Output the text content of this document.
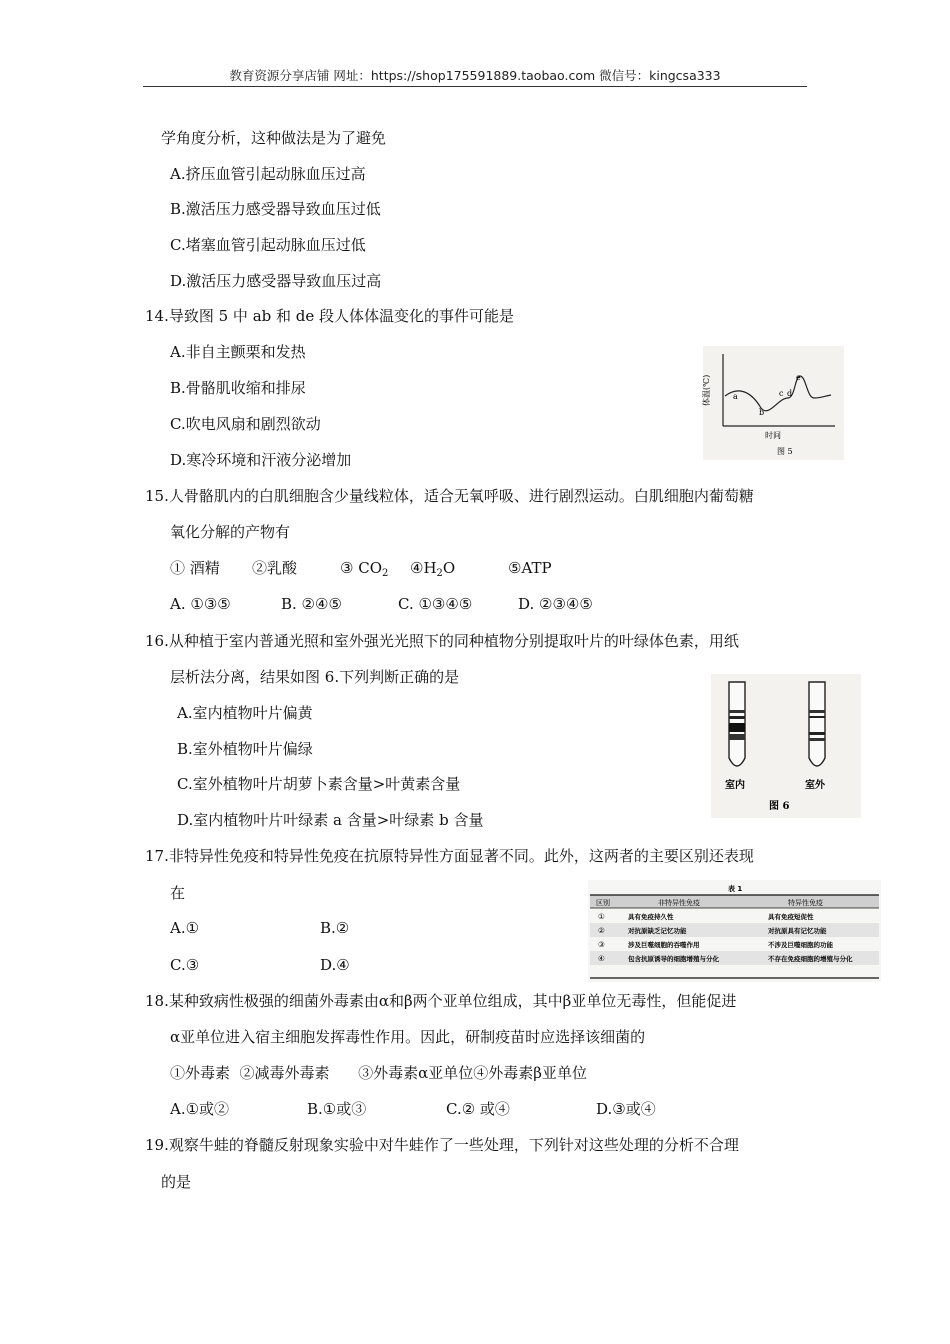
教育资源分享店铺 网址：https://shop175591889.taobao.com 微信号：kingcsa333
学角度分析，这种做法是为了避免
A.挤压血管引起动脉血压过高
B.激活压力感受器导致血压过低
C.堵塞血管引起动脉血压过低
D.激活压力感受器导致血压过高
14.导致图 5 中 ab 和 de 段人体体温变化的事件可能是
A.非自主颤栗和发热
B.骨骼肌收缩和排尿
C.吹电风扇和剧烈欲动
D.寒冷环境和汗液分泌增加
体温(℃)
时间
a
b
c d
e
图 5
15.人骨骼肌内的白肌细胞含少量线粒体，适合无氧呼吸、进行剧烈运动。白肌细胞内葡萄糖
氧化分解的产物有
① 酒精 ②乳酸	③ $CO_2$ $④H_2O$	⑤ATP
A. ①③⑤	B. ②④⑤	C. ①③④⑤	D. ②③④⑤
16.从种植于室内普通光照和室外强光光照下的同种植物分别提取叶片的叶绿体色素，用纸
层析法分离，结果如图 6.下列判断正确的是
A.室内植物叶片偏黄
B.室外植物叶片偏绿
C.室外植物叶片胡萝卜素含量>叶黄素含量
D.室内植物叶片叶绿素 a 含量>叶绿素 b 含量
室内	室外
图 6
17.非特异性免疫和特异性免疫在抗原特异性方面显著不同。此外，这两者的主要区别还表现
在
A.①	B.②
C.③	D.④
表 1
区别	非特异性免疫	特异性免疫
①	具有免疫持久性	具有免疫短促性
②	对抗原缺乏记忆功能	对抗原具有记忆功能
③	涉及巨噬细胞的吞噬作用	不涉及巨噬细胞的功能
④	包含抗原诱导的细胞增殖与分化	不存在免疫细胞的增殖与分化
18.某种致病性极强的细菌外毒素由α和β两个亚单位组成，其中β亚单位无毒性，但能促进
α亚单位进入宿主细胞发挥毒性作用。因此，研制疫苗时应选择该细菌的
①外毒素  ②减毒外毒素      ③外毒素α亚单位④外毒素β亚单位
A.①或②	B.①或③	C.② 或④	D.③或④
19.观察牛蛙的脊髓反射现象实验中对牛蛙作了一些处理，下列针对这些处理的分析不合理
的是
